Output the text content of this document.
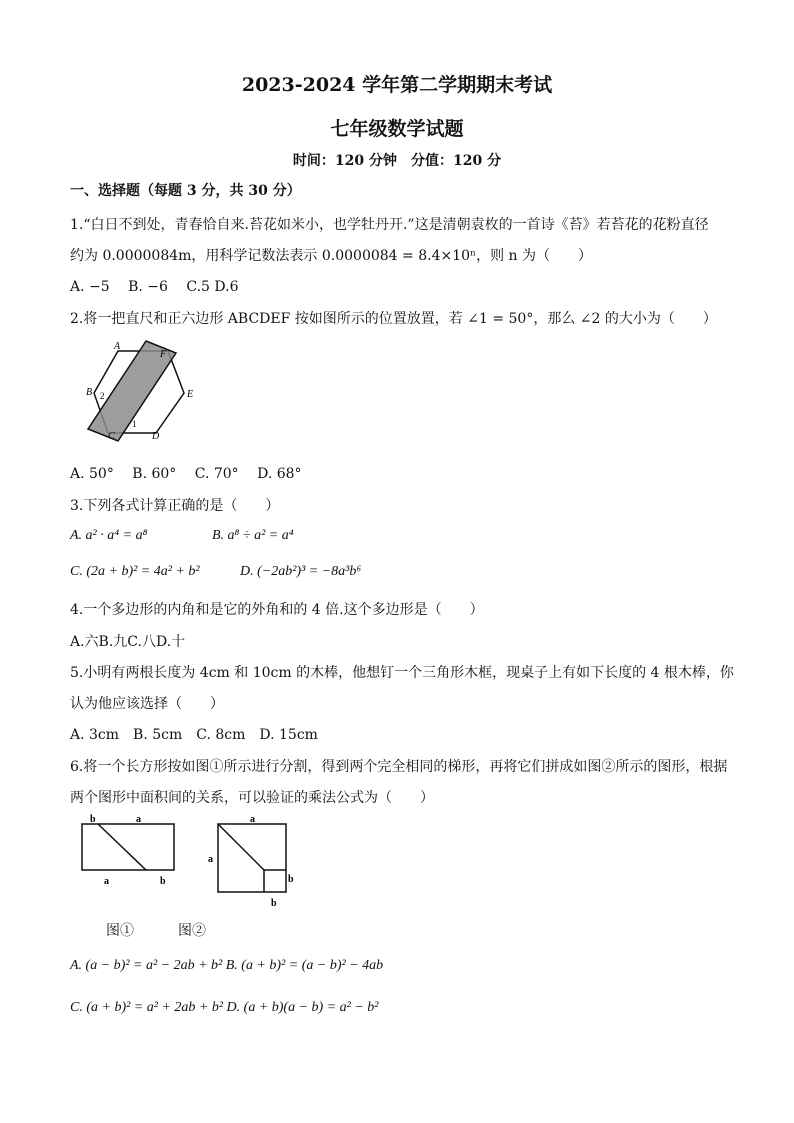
2023-2024 学年第二学期期末考试
七年级数学试题
时间：120 分钟　分值：120 分
一、选择题（每题 3 分，共 30 分）
1.“白日不到处，青春恰自来.苔花如米小，也学牡丹开.”这是清朝袁枚的一首诗《苔》若苔花的花粉直径
约为 0.0000084m，用科学记数法表示 0.0000084 = 8.4×10ⁿ，则 n 为（　　）
A. −5　 B. −6　 C.5 D.6
2.将一把直尺和正六边形 ABCDEF 按如图所示的位置放置，若 ∠1 = 50°，那么 ∠2 的大小为（　　）
A
F
B	E
C	D
1
2
A. 50°　 B. 60°　 C. 70°　 D. 68°
3.下列各式计算正确的是（　　）
A. a² · a⁴ = a⁸	B. a⁸ ÷ a² = a⁴
C. (2a + b)² = 4a² + b²	D. (−2ab²)³ = −8a³b⁶
4.一个多边形的内角和是它的外角和的 4 倍.这个多边形是（　　）
A.六B.九C.八D.十
5.小明有两根长度为 4cm 和 10cm 的木棒，他想钉一个三角形木框，现桌子上有如下长度的 4 根木棒，你
认为他应该选择（　　）
A. 3cm　B. 5cm　C. 8cm　D. 15cm
6.将一个长方形按如图①所示进行分割，得到两个完全相同的梯形，再将它们拼成如图②所示的图形，根据
两个图形中面积间的关系，可以验证的乘法公式为（　　）
b	a
a	b
a
a
b
b
图①	图②
A. (a − b)² = a² − 2ab + b² B. (a + b)² = (a − b)² − 4ab
C. (a + b)² = a² + 2ab + b² D. (a + b)(a − b) = a² − b²
